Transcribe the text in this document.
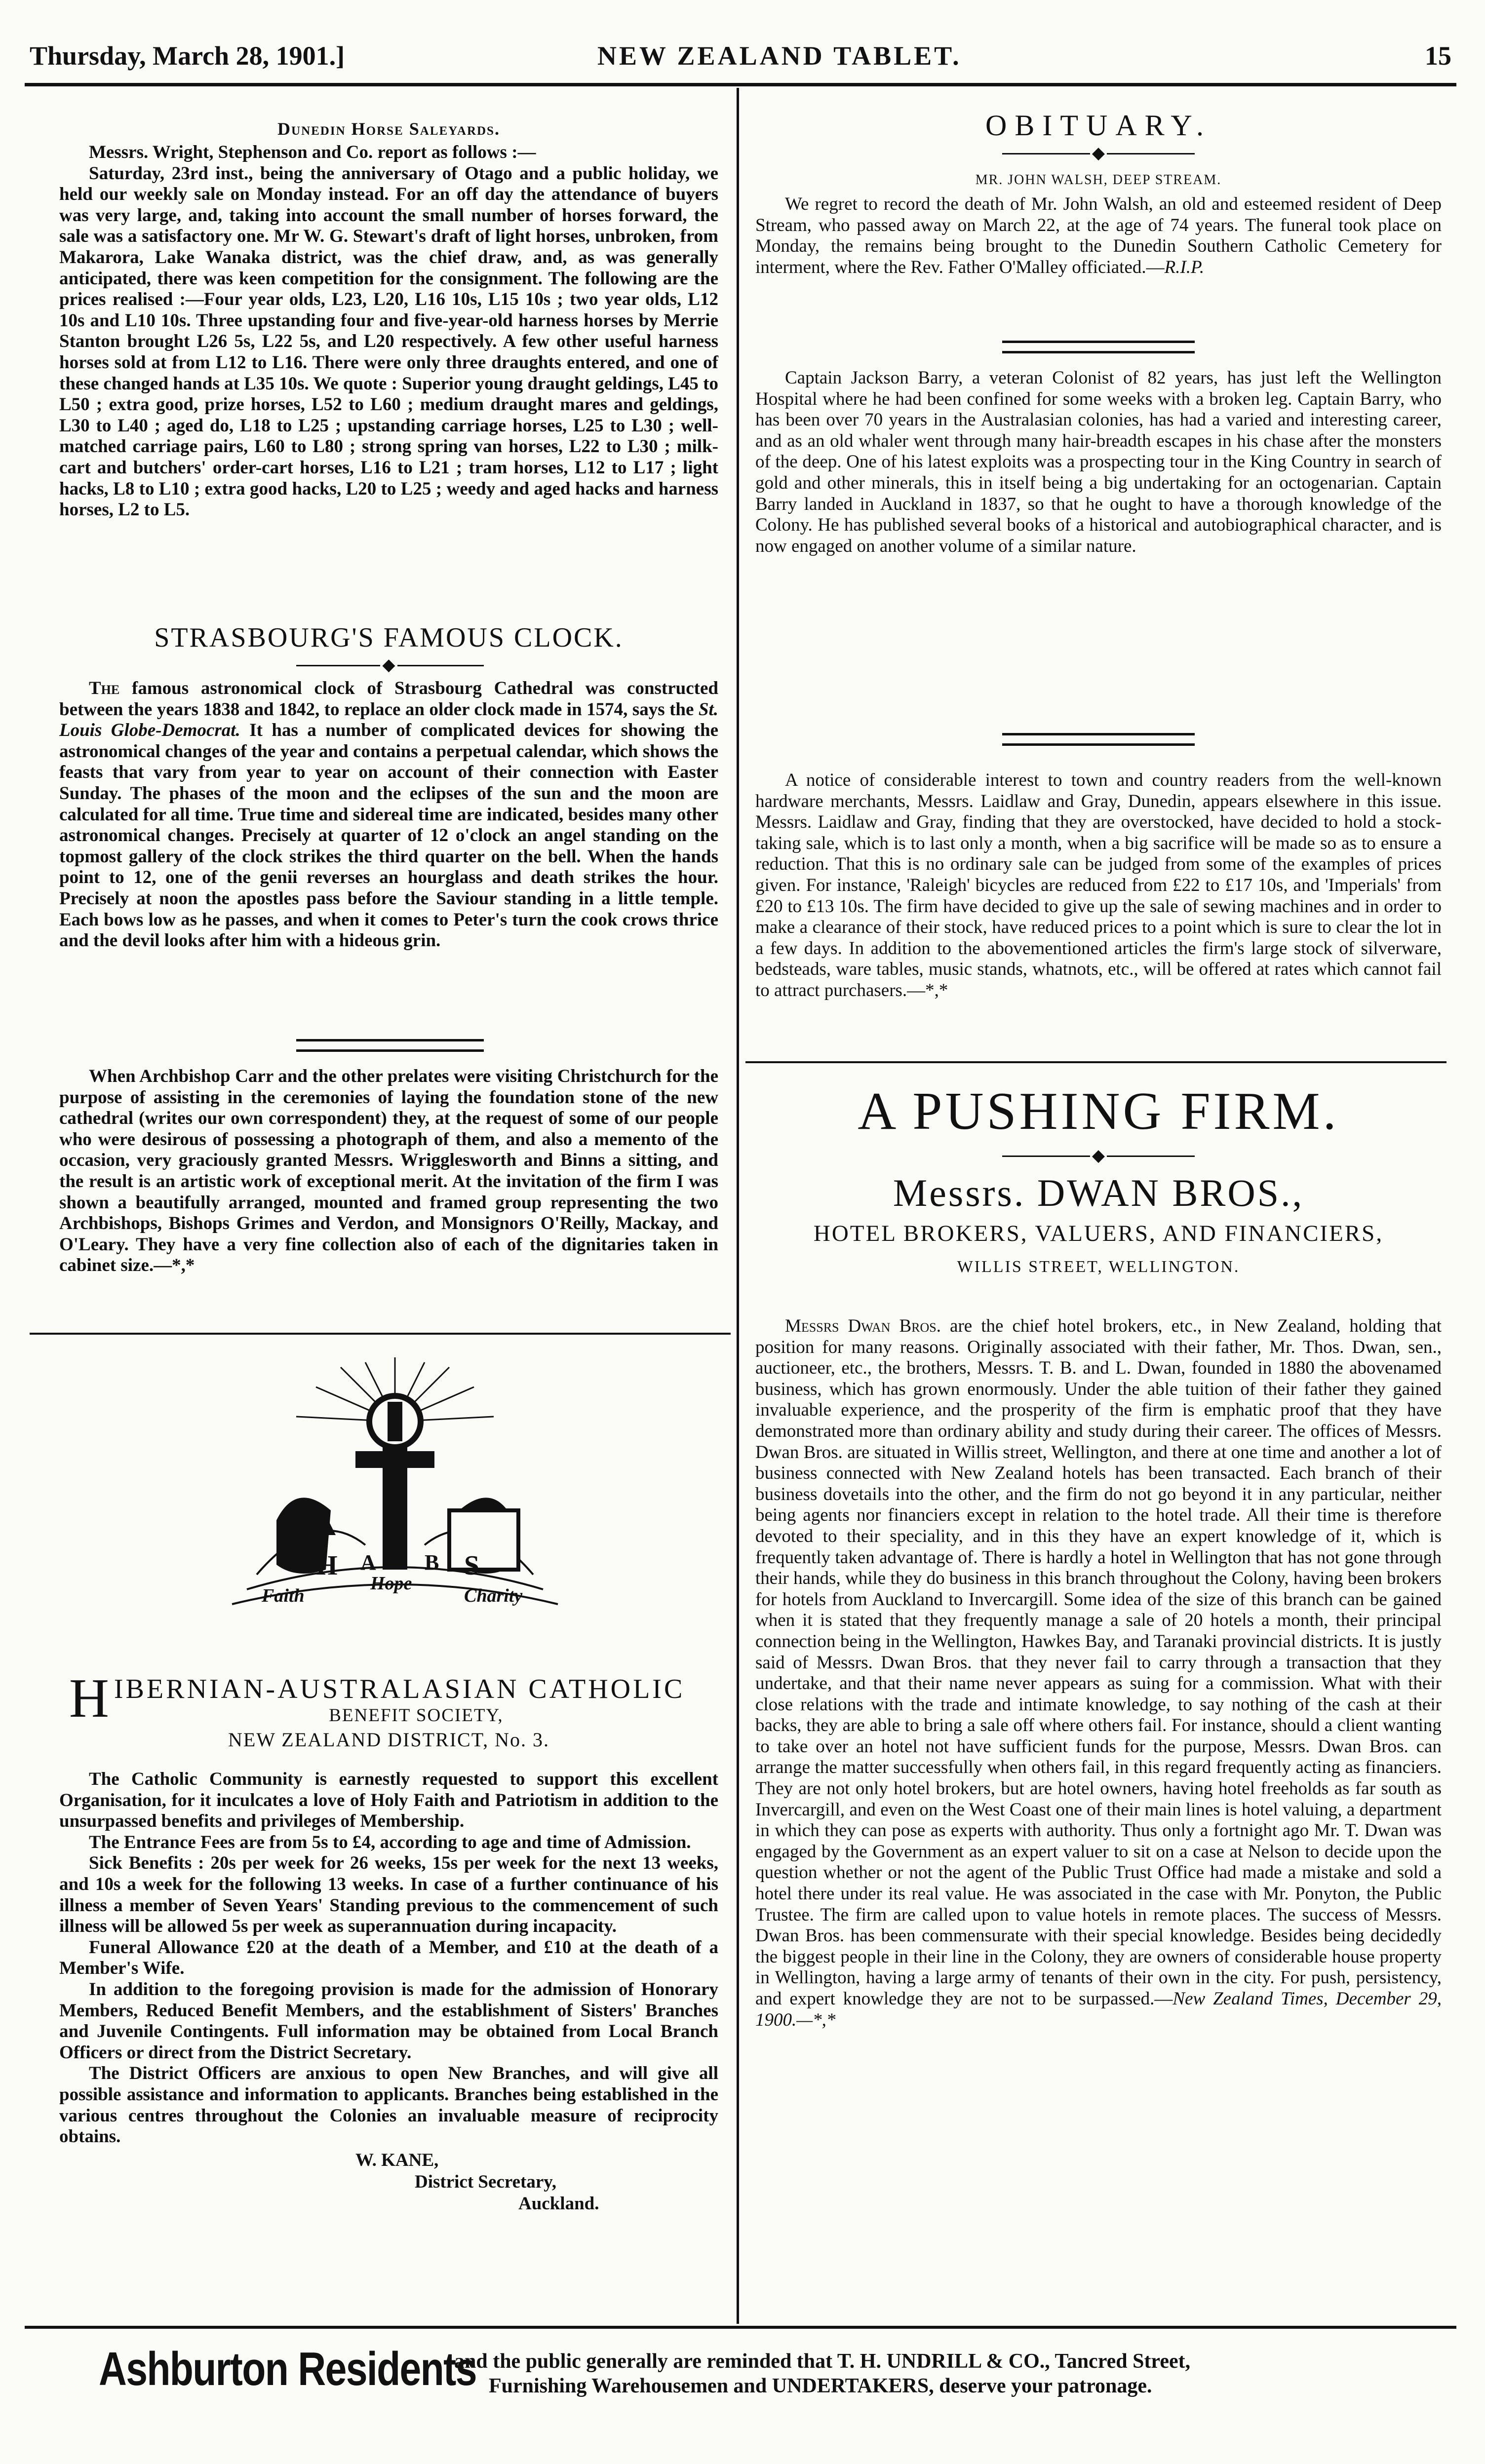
Thursday, March 28, 1901.]	NEW ZEALAND TABLET.	15
Dunedin Horse Saleyards.

Messrs. Wright, Stephenson and Co. report as follows :—

Saturday, 23rd inst., being the anniversary of Otago and a public holiday, we held our weekly sale on Monday instead. For an off day the attendance of buyers was very large, and, taking into account the small number of horses forward, the sale was a satisfactory one. Mr W. G. Stewart's draft of light horses, unbroken, from Makarora, Lake Wanaka district, was the chief draw, and, as was generally anticipated, there was keen competition for the consignment. The following are the prices realised :—Four year olds, L23, L20, L16 10s, L15 10s ; two year olds, L12 10s and L10 10s. Three upstanding four and five-year-old harness horses by Merrie Stanton brought L26 5s, L22 5s, and L20 respectively. A few other useful harness horses sold at from L12 to L16. There were only three draughts entered, and one of these changed hands at L35 10s. We quote : Superior young draught geldings, L45 to L50 ; extra good, prize horses, L52 to L60 ; medium draught mares and geldings, L30 to L40 ; aged do, L18 to L25 ; upstanding carriage horses, L25 to L30 ; well-matched carriage pairs, L60 to L80 ; strong spring van horses, L22 to L30 ; milk-cart and butchers' order-cart horses, L16 to L21 ; tram horses, L12 to L17 ; light hacks, L8 to L10 ; extra good hacks, L20 to L25 ; weedy and aged hacks and harness horses, L2 to L5.

STRASBOURG'S FAMOUS CLOCK.
◆

The famous astronomical clock of Strasbourg Cathedral was constructed between the years 1838 and 1842, to replace an older clock made in 1574, says the St. Louis Globe-Democrat. It has a number of complicated devices for showing the astronomical changes of the year and contains a perpetual calendar, which shows the feasts that vary from year to year on account of their connection with Easter Sunday. The phases of the moon and the eclipses of the sun and the moon are calculated for all time. True time and sidereal time are indicated, besides many other astronomical changes. Precisely at quarter of 12 o'clock an angel standing on the topmost gallery of the clock strikes the third quarter on the bell. When the hands point to 12, one of the genii reverses an hourglass and death strikes the hour. Precisely at noon the apostles pass before the Saviour standing in a little temple. Each bows low as he passes, and when it comes to Peter's turn the cook crows thrice and the devil looks after him with a hideous grin.

When Archbishop Carr and the other prelates were visiting Christchurch for the purpose of assisting in the ceremonies of laying the foundation stone of the new cathedral (writes our own correspondent) they, at the request of some of our people who were desirous of possessing a photograph of them, and also a memento of the occasion, very graciously granted Messrs. Wrigglesworth and Binns a sitting, and the result is an artistic work of exceptional merit. At the invitation of the firm I was shown a beautifully arranged, mounted and framed group representing the two Archbishops, Bishops Grimes and Verdon, and Monsignors O'Reilly, Mackay, and O'Leary. They have a very fine collection also of each of the dignitaries taken in cabinet size.—*,*

H A B S
Faith
Hope
Charity
H IBERNIAN-AUSTRALASIAN CATHOLIC
BENEFIT SOCIETY,
NEW ZEALAND DISTRICT, No. 3.

The Catholic Community is earnestly requested to support this excellent Organisation, for it inculcates a love of Holy Faith and Patriotism in addition to the unsurpassed benefits and privileges of Membership.

The Entrance Fees are from 5s to £4, according to age and time of Admission.

Sick Benefits : 20s per week for 26 weeks, 15s per week for the next 13 weeks, and 10s a week for the following 13 weeks. In case of a further continuance of his illness a member of Seven Years' Standing previous to the commencement of such illness will be allowed 5s per week as superannuation during incapacity.

Funeral Allowance £20 at the death of a Member, and £10 at the death of a Member's Wife.

In addition to the foregoing provision is made for the admission of Honorary Members, Reduced Benefit Members, and the establishment of Sisters' Branches and Juvenile Contingents. Full information may be obtained from Local Branch Officers or direct from the District Secretary.

The District Officers are anxious to open New Branches, and will give all possible assistance and information to applicants. Branches being established in the various centres throughout the Colonies an invaluable measure of reciprocity obtains.

W. KANE,
District Secretary,
Auckland.
OBITUARY.
◆
MR. JOHN WALSH, DEEP STREAM.

We regret to record the death of Mr. John Walsh, an old and esteemed resident of Deep Stream, who passed away on March 22, at the age of 74 years. The funeral took place on Monday, the remains being brought to the Dunedin Southern Catholic Cemetery for interment, where the Rev. Father O'Malley officiated.—R.I.P.

Captain Jackson Barry, a veteran Colonist of 82 years, has just left the Wellington Hospital where he had been confined for some weeks with a broken leg. Captain Barry, who has been over 70 years in the Australasian colonies, has had a varied and interesting career, and as an old whaler went through many hair-breadth escapes in his chase after the monsters of the deep. One of his latest exploits was a prospecting tour in the King Country in search of gold and other minerals, this in itself being a big undertaking for an octogenarian. Captain Barry landed in Auckland in 1837, so that he ought to have a thorough knowledge of the Colony. He has published several books of a historical and autobiographical character, and is now engaged on another volume of a similar nature.

A notice of considerable interest to town and country readers from the well-known hardware merchants, Messrs. Laidlaw and Gray, Dunedin, appears elsewhere in this issue. Messrs. Laidlaw and Gray, finding that they are overstocked, have decided to hold a stock-taking sale, which is to last only a month, when a big sacrifice will be made so as to ensure a reduction. That this is no ordinary sale can be judged from some of the examples of prices given. For instance, 'Raleigh' bicycles are reduced from £22 to £17 10s, and 'Imperials' from £20 to £13 10s. The firm have decided to give up the sale of sewing machines and in order to make a clearance of their stock, have reduced prices to a point which is sure to clear the lot in a few days. In addition to the abovementioned articles the firm's large stock of silverware, bedsteads, ware tables, music stands, whatnots, etc., will be offered at rates which cannot fail to attract purchasers.—*,*

A PUSHING FIRM.
◆
Messrs. DWAN BROS.,
HOTEL BROKERS, VALUERS, AND FINANCIERS,
WILLIS STREET, WELLINGTON.

Messrs Dwan Bros. are the chief hotel brokers, etc., in New Zealand, holding that position for many reasons. Originally associated with their father, Mr. Thos. Dwan, sen., auctioneer, etc., the brothers, Messrs. T. B. and L. Dwan, founded in 1880 the abovenamed business, which has grown enormously. Under the able tuition of their father they gained invaluable experience, and the prosperity of the firm is emphatic proof that they have demonstrated more than ordinary ability and study during their career. The offices of Messrs. Dwan Bros. are situated in Willis street, Wellington, and there at one time and another a lot of business connected with New Zealand hotels has been transacted. Each branch of their business dovetails into the other, and the firm do not go beyond it in any particular, neither being agents nor financiers except in relation to the hotel trade. All their time is therefore devoted to their speciality, and in this they have an expert knowledge of it, which is frequently taken advantage of. There is hardly a hotel in Wellington that has not gone through their hands, while they do business in this branch throughout the Colony, having been brokers for hotels from Auckland to Invercargill. Some idea of the size of this branch can be gained when it is stated that they frequently manage a sale of 20 hotels a month, their principal connection being in the Wellington, Hawkes Bay, and Taranaki provincial districts. It is justly said of Messrs. Dwan Bros. that they never fail to carry through a transaction that they undertake, and that their name never appears as suing for a commission. What with their close relations with the trade and intimate knowledge, to say nothing of the cash at their backs, they are able to bring a sale off where others fail. For instance, should a client wanting to take over an hotel not have sufficient funds for the purpose, Messrs. Dwan Bros. can arrange the matter successfully when others fail, in this regard frequently acting as financiers. They are not only hotel brokers, but are hotel owners, having hotel freeholds as far south as Invercargill, and even on the West Coast one of their main lines is hotel valuing, a department in which they can pose as experts with authority. Thus only a fortnight ago Mr. T. Dwan was engaged by the Government as an expert valuer to sit on a case at Nelson to decide upon the question whether or not the agent of the Public Trust Office had made a mistake and sold a hotel there under its real value. He was associated in the case with Mr. Ponyton, the Public Trustee. The firm are called upon to value hotels in remote places. The success of Messrs. Dwan Bros. has been commensurate with their special knowledge. Besides being decidedly the biggest people in their line in the Colony, they are owners of considerable house property in Wellington, having a large army of tenants of their own in the city. For push, persistency, and expert knowledge they are not to be surpassed.—New Zealand Times, December 29, 1900.—*,*

Ashburton Residents
and the public generally are reminded that T. H. UNDRILL & CO., Tancred Street,
Furnishing Warehousemen and UNDERTAKERS, deserve your patronage.
